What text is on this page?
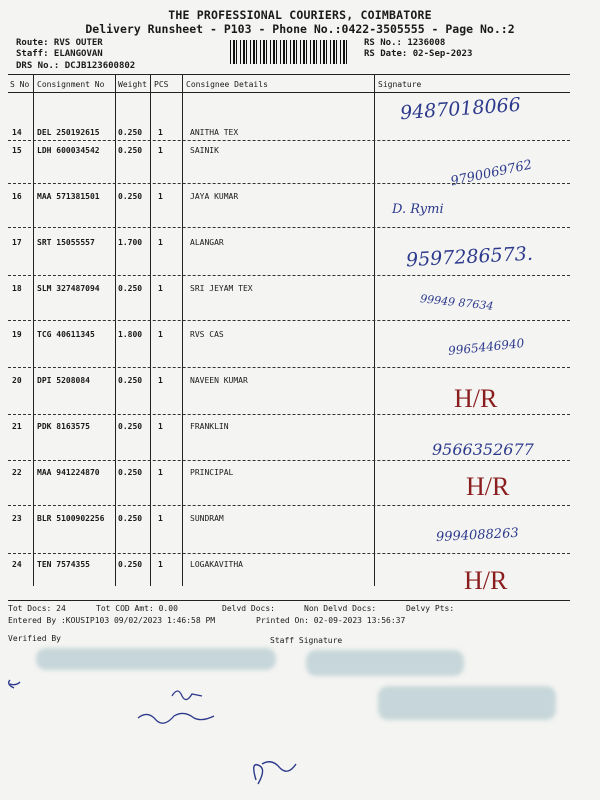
THE PROFESSIONAL COURIERS, COIMBATORE
Delivery Runsheet - P103 - Phone No.:0422-3505555 - Page No.:2
Route: RVS OUTER
Staff: ELANGOVAN
DRS No.: DCJB123600802
RS No.: 1236008
RS Date: 02-Sep-2023
S No Consignment No Weight PCS Consignee Details	Signature
14 DEL 250192615 0.250 1	ANITHA TEX
9487018066
15 LDH 600034542 0.250 1	SAINIK
9790069762
16 MAA 571381501 0.250 1	JAYA KUMAR
D. Rymi
17 SRT 15055557	1.700 1	ALANGAR
9597286573.
18 SLM 327487094 0.250 1	SRI JEYAM TEX
99949 87634
19 TCG 40611345	1.800 1	RVS CAS
9965446940
20 DPI 5208084	0.250 1	NAVEEN KUMAR
H/R
21 PDK 8163575	0.250 1	FRANKLIN
9566352677
22 MAA 941224870 0.250 1	PRINCIPAL	H/R
23 BLR 5100902256 0.250 1	SUNDRAM
9994088263
24 TEN 7574355	0.250 1	LOGAKAVITHA
H/R
Tot Docs: 24	Tot COD Amt: 0.00	Delvd Docs:	Non Delvd Docs:	Delvy Pts:
Entered By :KOUSIP103 09/02/2023 1:46:58 PM	Printed On: 02-09-2023 13:56:37
Verified By	Staff Signature
